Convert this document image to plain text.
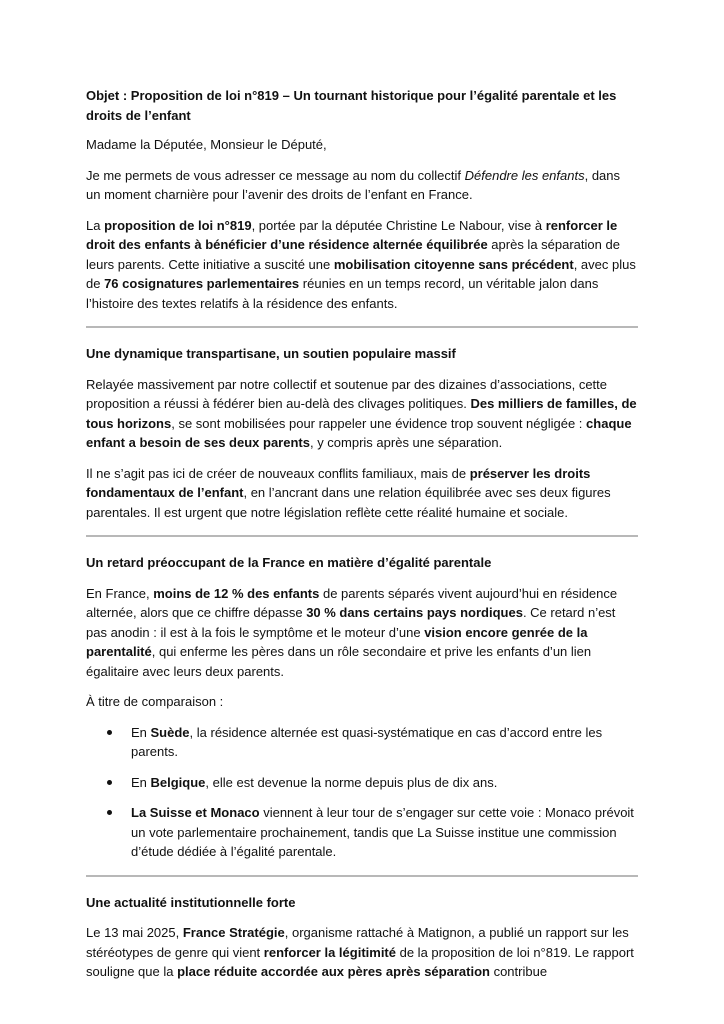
Objet : Proposition de loi n°819 – Un tournant historique pour l’égalité parentale et les droits de l’enfant

Madame la Députée, Monsieur le Député,

Je me permets de vous adresser ce message au nom du collectif Défendre les enfants, dans un moment charnière pour l’avenir des droits de l’enfant en France.

La proposition de loi n°819, portée par la députée Christine Le Nabour, vise à renforcer le droit des enfants à bénéficier d’une résidence alternée équilibrée après la séparation de leurs parents. Cette initiative a suscité une mobilisation citoyenne sans précédent, avec plus de 76 cosignatures parlementaires réunies en un temps record, un véritable jalon dans l’histoire des textes relatifs à la résidence des enfants.

Une dynamique transpartisane, un soutien populaire massif

Relayée massivement par notre collectif et soutenue par des dizaines d’associations, cette proposition a réussi à fédérer bien au-delà des clivages politiques. Des milliers de familles, de tous horizons, se sont mobilisées pour rappeler une évidence trop souvent négligée : chaque enfant a besoin de ses deux parents, y compris après une séparation.

Il ne s’agit pas ici de créer de nouveaux conflits familiaux, mais de préserver les droits fondamentaux de l’enfant, en l’ancrant dans une relation équilibrée avec ses deux figures parentales. Il est urgent que notre législation reflète cette réalité humaine et sociale.

Un retard préoccupant de la France en matière d’égalité parentale

En France, moins de 12 % des enfants de parents séparés vivent aujourd’hui en résidence alternée, alors que ce chiffre dépasse 30 % dans certains pays nordiques. Ce retard n’est pas anodin : il est à la fois le symptôme et le moteur d’une vision encore genrée de la parentalité, qui enferme les pères dans un rôle secondaire et prive les enfants d’un lien égalitaire avec leurs deux parents.

À titre de comparaison :

En Suède, la résidence alternée est quasi-systématique en cas d’accord entre les parents.
En Belgique, elle est devenue la norme depuis plus de dix ans.
La Suisse et Monaco viennent à leur tour de s’engager sur cette voie : Monaco prévoit un vote parlementaire prochainement, tandis que La Suisse institue une commission d’étude dédiée à l’égalité parentale.

Une actualité institutionnelle forte

Le 13 mai 2025, France Stratégie, organisme rattaché à Matignon, a publié un rapport sur les stéréotypes de genre qui vient renforcer la légitimité de la proposition de loi n°819. Le rapport souligne que la place réduite accordée aux pères après séparation contribue
